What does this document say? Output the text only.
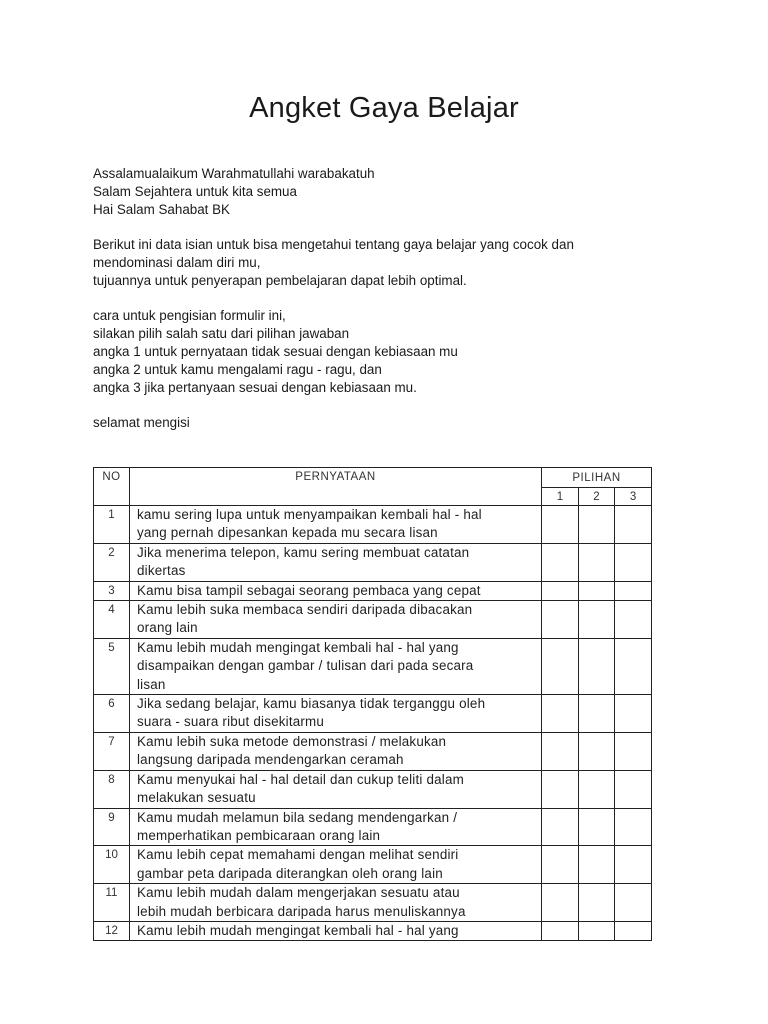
Angket Gaya Belajar
Assalamualaikum Warahmatullahi warabakatuh
Salam Sejahtera untuk kita semua
Hai Salam Sahabat BK
Berikut ini data isian untuk bisa mengetahui tentang gaya belajar yang cocok dan
mendominasi dalam diri mu,
tujuannya untuk penyerapan pembelajaran dapat lebih optimal.
cara untuk pengisian formulir ini,
silakan pilih salah satu dari pilihan jawaban
angka 1 untuk pernyataan tidak sesuai dengan kebiasaan mu
angka 2 untuk kamu mengalami ragu - ragu, dan
angka 3 jika pertanyaan sesuai dengan kebiasaan mu.
selamat mengisi
NO	PERNYATAAN	PILIHAN		
		1	2	3
1	kamu sering lupa untuk menyampaikan kembali hal - hal
yang pernah dipesankan kepada mu secara lisan			

2	Jika menerima telepon, kamu sering membuat catatan
dikertas			

3	Kamu bisa tampil sebagai seorang pembaca yang cepat			

4	Kamu lebih suka membaca sendiri daripada dibacakan
orang lain			

5	Kamu lebih mudah mengingat kembali hal - hal yang
disampaikan dengan gambar / tulisan dari pada secara
lisan			

6	Jika sedang belajar, kamu biasanya tidak terganggu oleh
suara - suara ribut disekitarmu			

7	Kamu lebih suka metode demonstrasi / melakukan
langsung daripada mendengarkan ceramah			

8	Kamu menyukai hal - hal detail dan cukup teliti dalam
melakukan sesuatu			

9	Kamu mudah melamun bila sedang mendengarkan /
memperhatikan pembicaraan orang lain			

10	Kamu lebih cepat memahami dengan melihat sendiri
gambar peta daripada diterangkan oleh orang lain			

11	Kamu lebih mudah dalam mengerjakan sesuatu atau
lebih mudah berbicara daripada harus menuliskannya			

12	Kamu lebih mudah mengingat kembali hal - hal yang			
